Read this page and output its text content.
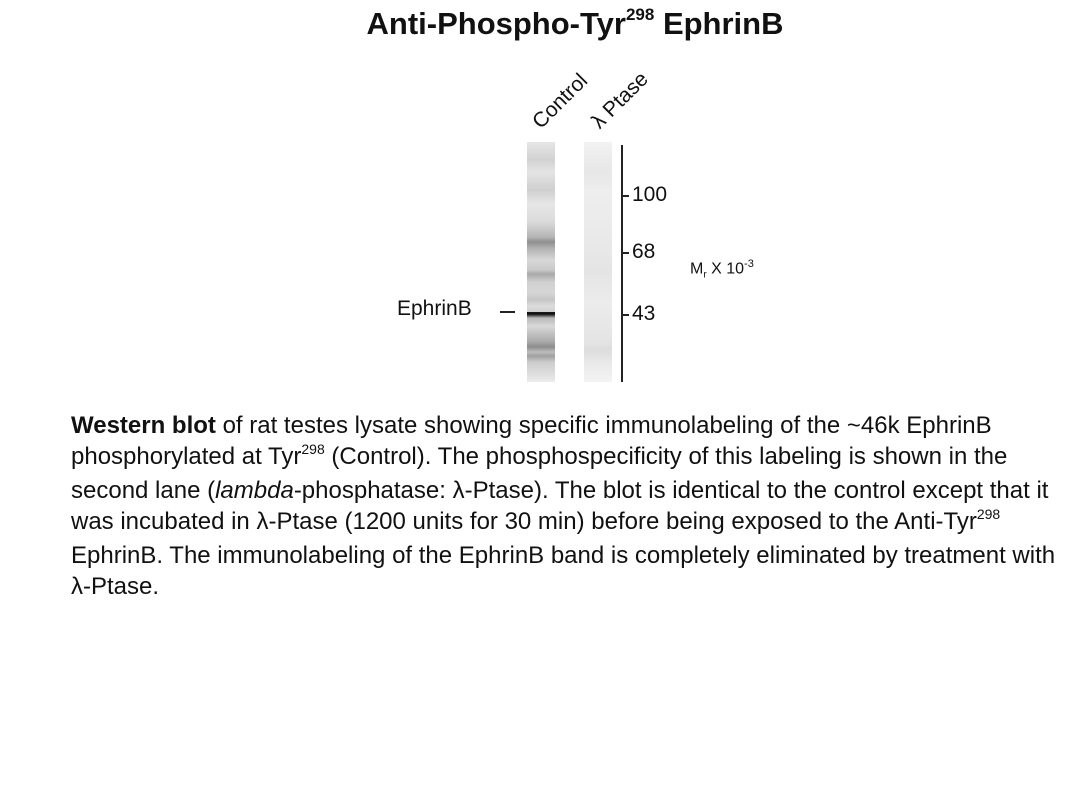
Anti-Phospho-Tyr$^{298}$ EphrinB
Control
λ Ptase
100
68
43
$M_r$ X $10^{-3}$
EphrinB

Western blot of rat testes lysate showing specific immunolabeling of the ~46k EphrinB phosphorylated at Tyr$^{298}$ (Control). The phosphospecificity of this labeling is shown in the second lane (lambda-phosphatase: λ-Ptase). The blot is identical to the control except that it was incubated in λ-Ptase (1200 units for 30 min) before being exposed to the Anti-Tyr$^{298}$ EphrinB. The immunolabeling of the EphrinB band is completely eliminated by treatment with λ-Ptase.
